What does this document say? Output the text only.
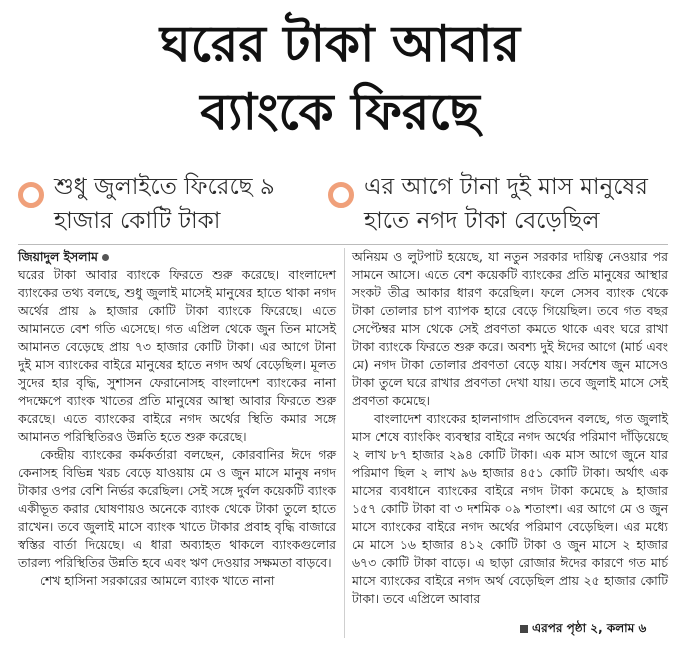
ঘরের টাকা আবার
ব্যাংকে ফিরছে
শুধু জুলাইতে ফিরেছে ৯ হাজার কোটি টাকা
এর আগে টানা দুই মাস মানুষের হাতে নগদ টাকা বেড়েছিল

জিয়াদুল ইসলাম

ঘরের টাকা আবার ব্যাংকে ফিরতে শুরু করেছে। বাংলাদেশ ব্যাংকের তথ্য বলছে, শুধু জুলাই মাসেই মানুষের হাতে থাকা নগদ অর্থের প্রায় ৯ হাজার কোটি টাকা ব্যাংকে ফিরেছে। এতে আমানতে বেশ গতি এসেছে। গত এপ্রিল থেকে জুন তিন মাসেই আমানত বেড়েছে প্রায় ৭৩ হাজার কোটি টাকা। এর আগে টানা দুই মাস ব্যাংকের বাইরে মানুষের হাতে নগদ অর্থ বেড়েছিল। মূলত সুদের হার বৃদ্ধি, সুশাসন ফেরানোসহ বাংলাদেশ ব্যাংকের নানা পদক্ষেপে ব্যাংক খাতের প্রতি মানুষের আস্থা আবার ফিরতে শুরু করেছে। এতে ব্যাংকের বাইরে নগদ অর্থের স্থিতি কমার সঙ্গে আমানত পরিস্থিতিরও উন্নতি হতে শুরু করেছে।

কেন্দ্রীয় ব্যাংকের কর্মকর্তারা বলছেন, কোরবানির ঈদে গরু কেনাসহ বিভিন্ন খরচ বেড়ে যাওয়ায় মে ও জুন মাসে মানুষ নগদ টাকার ওপর বেশি নির্ভর করেছিল। সেই সঙ্গে দুর্বল কয়েকটি ব্যাংক একীভূত করার ঘোষণায়ও অনেকে ব্যাংক থেকে টাকা তুলে হাতে রাখেন। তবে জুলাই মাসে ব্যাংক খাতে টাকার প্রবাহ বৃদ্ধি বাজারে স্বস্তির বার্তা দিয়েছে। এ ধারা অব্যাহত থাকলে ব্যাংকগুলোর তারল্য পরিস্থিতির উন্নতি হবে এবং ঋণ দেওয়ার সক্ষমতা বাড়বে।

শেখ হাসিনা সরকারের আমলে ব্যাংক খাতে নানা

অনিয়ম ও লুটপাট হয়েছে, যা নতুন সরকার দায়িত্ব নেওয়ার পর সামনে আসে। এতে বেশ কয়েকটি ব্যাংকের প্রতি মানুষের আস্থার সংকট তীব্র আকার ধারণ করেছিল। ফলে সেসব ব্যাংক থেকে টাকা তোলার চাপ ব্যাপক হারে বেড়ে গিয়েছিল। তবে গত বছর সেপ্টেম্বর মাস থেকে সেই প্রবণতা কমতে থাকে এবং ঘরে রাখা টাকা ব্যাংকে ফিরতে শুরু করে। অবশ্য দুই ঈদের আগে (মার্চ এবং মে) নগদ টাকা তোলার প্রবণতা বেড়ে যায়। সর্বশেষ জুন মাসেও টাকা তুলে ঘরে রাখার প্রবণতা দেখা যায়। তবে জুলাই মাসে সেই প্রবণতা কমেছে।

বাংলাদেশ ব্যাংকের হালনাগাদ প্রতিবেদন বলছে, গত জুলাই মাস শেষে ব্যাংকিং ব্যবস্থার বাইরে নগদ অর্থের পরিমাণ দাঁড়িয়েছে ২ লাখ ৮৭ হাজার ২৯৪ কোটি টাকা। এক মাস আগে জুনে যার পরিমাণ ছিল ২ লাখ ৯৬ হাজার ৪৫১ কোটি টাকা। অর্থাৎ এক মাসের ব্যবধানে ব্যাংকের বাইরে নগদ টাকা কমেছে ৯ হাজার ১৫৭ কোটি টাকা বা ৩ দশমিক ০৯ শতাংশ। এর আগে মে ও জুন মাসে ব্যাংকের বাইরে নগদ অর্থের পরিমাণ বেড়েছিল। এর মধ্যে মে মাসে ১৬ হাজার ৪১২ কোটি টাকা ও জুন মাসে ২ হাজার ৬৭৩ কোটি টাকা বাড়ে। এ ছাড়া রোজার ঈদের কারণে গত মার্চ মাসে ব্যাংকের বাইরে নগদ অর্থ বেড়েছিল প্রায় ২৫ হাজার কোটি টাকা। তবে এপ্রিলে আবার

এরপর পৃষ্ঠা ২, কলাম ৬
